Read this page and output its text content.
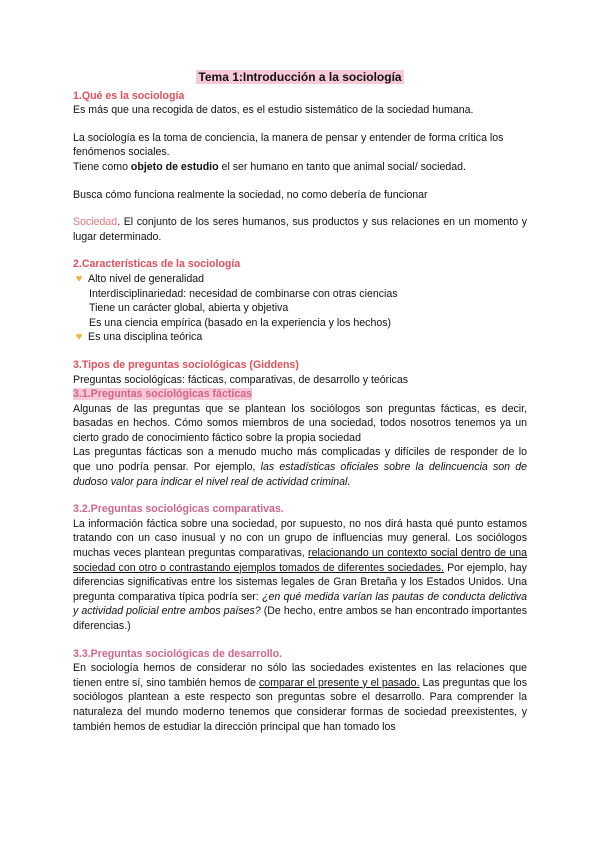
Tema 1:Introducción a la sociología

1.Qué es la sociología

Es más que una recogida de datos, es el estudio sistemático de la sociedad humana.

La sociología es la toma de conciencia, la manera de pensar y entender de forma crítica los fenómenos sociales.

Tiene como objeto de estudio el ser humano en tanto que animal social/ sociedad.

Busca cómo funciona realmente la sociedad, no como debería de funcionar

Sociedad. El conjunto de los seres humanos, sus productos y sus relaciones en un momento y lugar determinado.

2.Características de la sociología

♥ Alto nivel de generalidad

Interdisciplinariedad: necesidad de combinarse con otras ciencias

Tiene un carácter global, abierta y objetiva

Es una ciencia empírica (basado en la experiencia y los hechos)

♥ Es una disciplina teórica

3.Tipos de preguntas sociológicas (Giddens)

Preguntas sociológicas: fácticas, comparativas, de desarrollo y teóricas

3.1.Preguntas sociológicas fácticas

Algunas de las preguntas que se plantean los sociólogos son preguntas fácticas, es decir, basadas en hechos. Cómo somos miembros de una sociedad, todos nosotros tenemos ya un cierto grado de conocimiento fáctico sobre la propia sociedad

Las preguntas fácticas son a menudo mucho más complicadas y difíciles de responder de lo que uno podría pensar. Por ejemplo, las estadísticas oficiales sobre la delincuencia son de dudoso valor para indicar el nivel real de actividad criminal.

3.2.Preguntas sociológicas comparativas.

La información fáctica sobre una sociedad, por supuesto, no nos dirá hasta qué punto estamos tratando con un caso inusual y no con un grupo de influencias muy general. Los sociólogos muchas veces plantean preguntas comparativas, relacionando un contexto social dentro de una sociedad con otro o contrastando ejemplos tomados de diferentes sociedades. Por ejemplo, hay diferencias significativas entre los sistemas legales de Gran Bretaña y los Estados Unidos. Una pregunta comparativa típica podría ser: ¿en qué medida varían las pautas de conducta delictiva y actividad policial entre ambos países? (De hecho, entre ambos se han encontrado importantes diferencias.)

3.3.Preguntas sociológicas de desarrollo.

En sociología hemos de considerar no sólo las sociedades existentes en las relaciones que tienen entre sí, sino también hemos de comparar el presente y el pasado. Las preguntas que los sociólogos plantean a este respecto son preguntas sobre el desarrollo. Para comprender la naturaleza del mundo moderno tenemos que considerar formas de sociedad preexistentes, y también hemos de estudiar la dirección principal que han tomado los
